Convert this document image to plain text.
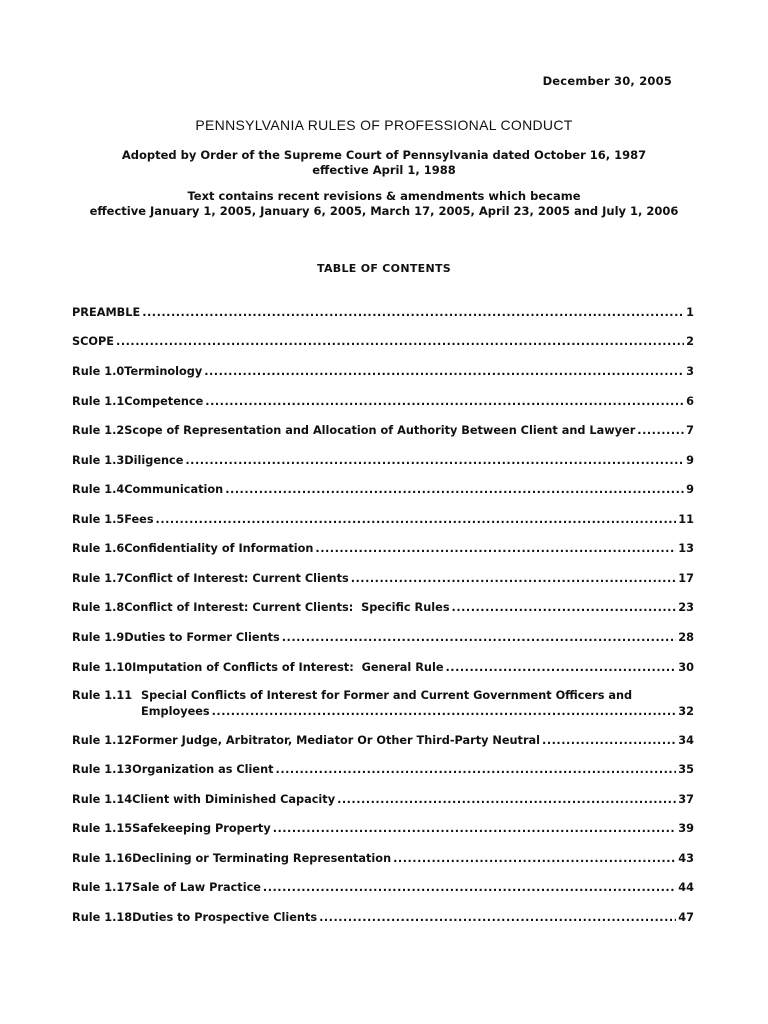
December 30, 2005
PENNSYLVANIA RULES OF PROFESSIONAL CONDUCT
Adopted by Order of the Supreme Court of Pennsylvania dated October 16, 1987
effective April 1, 1988
Text contains recent revisions & amendments which became
effective January 1, 2005, January 6, 2005, March 17, 2005, April 23, 2005 and July 1, 2006
TABLE OF CONTENTS
PREAMBLE .....	1
SCOPE .....	2
Rule 1.0 Terminology .....	3
Rule 1.1 Competence .....	6
Rule 1.2 Scope of Representation and Allocation of Authority Between Client and Lawyer .....	7
Rule 1.3 Diligence .....	9
Rule 1.4 Communication .....	9
Rule 1.5 Fees .....	11
Rule 1.6 Confidentiality of Information .....	13
Rule 1.7 Conflict of Interest: Current Clients .....	17
Rule 1.8 Conflict of Interest: Current Clients:  Specific Rules .....	23
Rule 1.9 Duties to Former Clients .....	28
Rule 1.10 Imputation of Conflicts of Interest:  General Rule .....	30
Rule 1.11 Special Conflicts of Interest for Former and Current Government Officers and
Employees .....	32
Rule 1.12 Former Judge, Arbitrator, Mediator Or Other Third-Party Neutral .....	34
Rule 1.13 Organization as Client .....	35
Rule 1.14 Client with Diminished Capacity .....	37
Rule 1.15 Safekeeping Property .....	39
Rule 1.16 Declining or Terminating Representation .....	43
Rule 1.17 Sale of Law Practice .....	44
Rule 1.18 Duties to Prospective Clients .....	47
